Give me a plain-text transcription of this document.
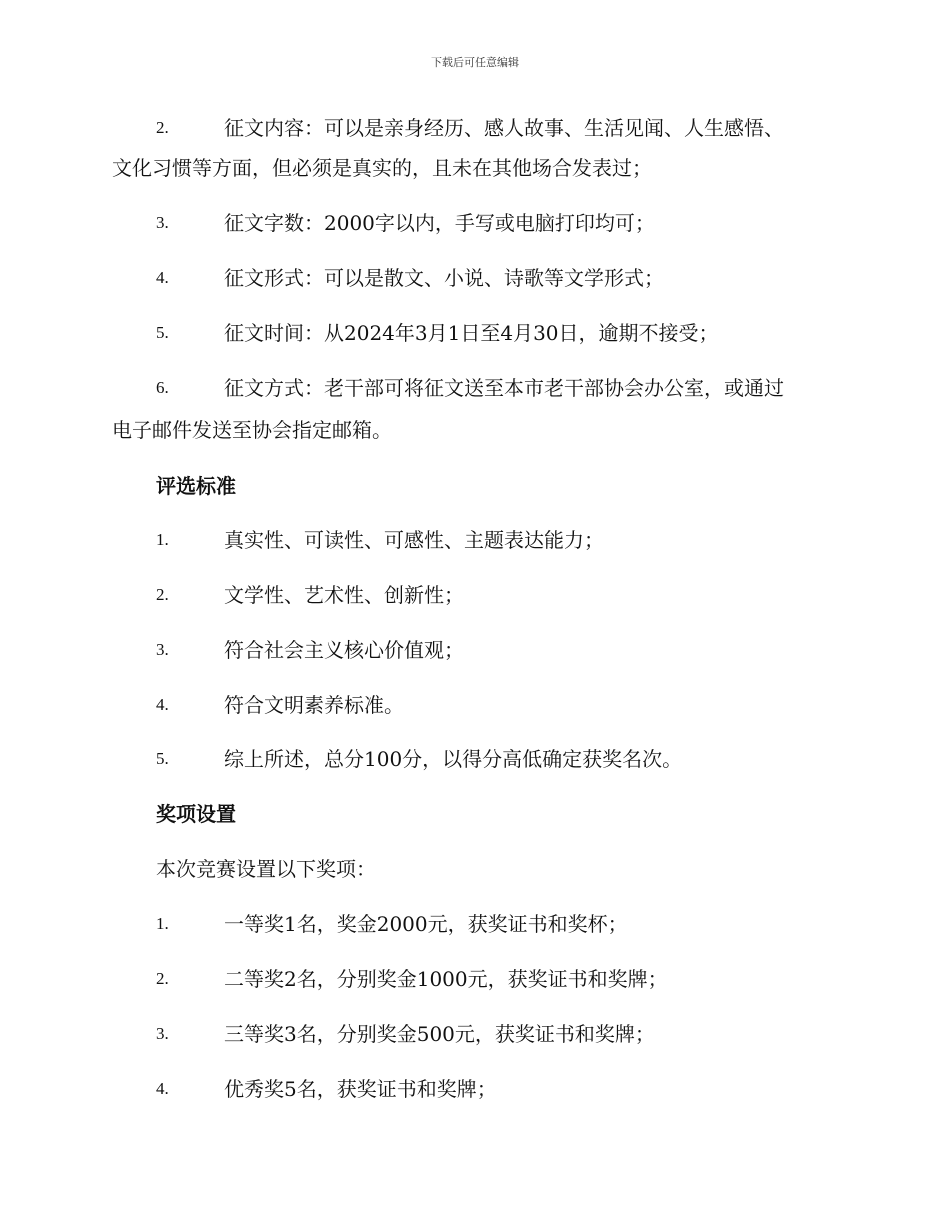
下载后可任意编辑
2.	征文内容：可以是亲身经历、感人故事、生活见闻、人生感悟、
文化习惯等方面，但必须是真实的，且未在其他场合发表过；
3.	征文字数：2000字以内，手写或电脑打印均可；
4.	征文形式：可以是散文、小说、诗歌等文学形式；
5.	征文时间：从2024年3月1日至4月30日，逾期不接受；
6.	征文方式：老干部可将征文送至本市老干部协会办公室，或通过
电子邮件发送至协会指定邮箱。
评选标准
1.	真实性、可读性、可感性、主题表达能力；
2.	文学性、艺术性、创新性；
3.	符合社会主义核心价值观；
4.	符合文明素养标准。
5.	综上所述，总分100分，以得分高低确定获奖名次。
奖项设置
本次竞赛设置以下奖项：
1.	一等奖1名，奖金2000元，获奖证书和奖杯；
2.	二等奖2名，分别奖金1000元，获奖证书和奖牌；
3.	三等奖3名，分别奖金500元，获奖证书和奖牌；
4.	优秀奖5名，获奖证书和奖牌；
